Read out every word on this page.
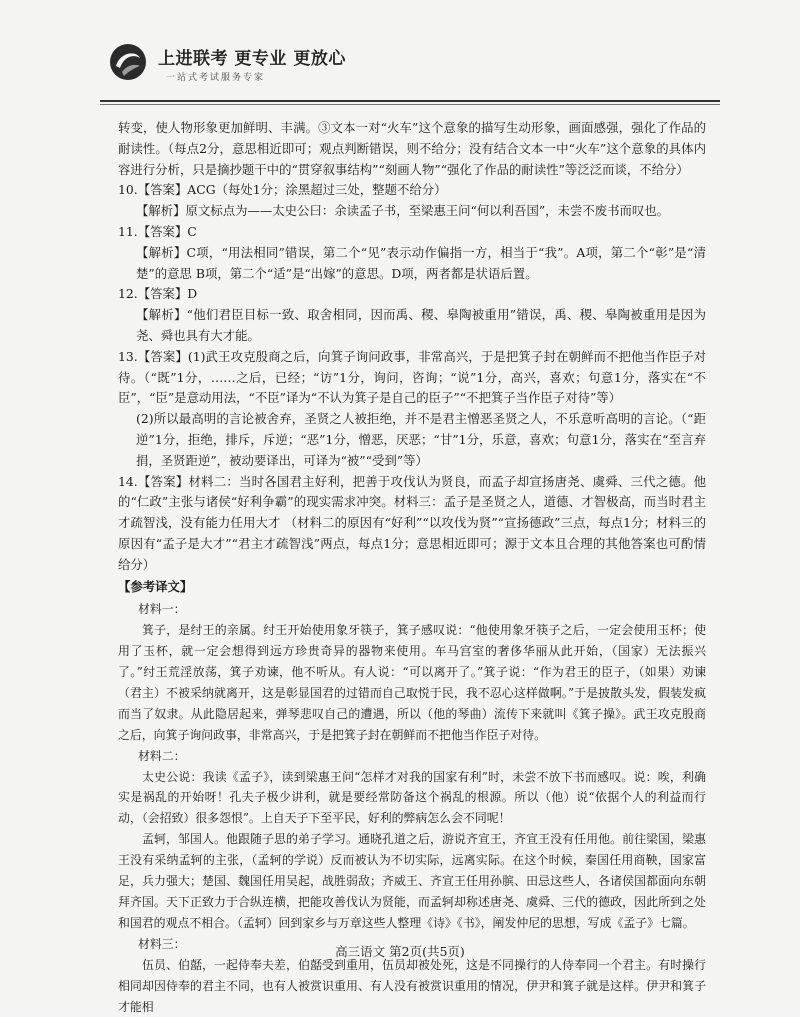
上进联考 更专业 更放心
一站式考试服务专家

转变，使人物形象更加鲜明、丰满。③文本一对“火车”这个意象的描写生动形象，画面感强，强化了作品的耐读性。（每点2分，意思相近即可；观点判断错误，则不给分；没有结合文本一中“火车”这个意象的具体内容进行分析，只是摘抄题干中的“贯穿叙事结构”“刻画人物”“强化了作品的耐读性”等泛泛而谈，不给分）

10.【答案】ACG（每处1分；涂黑超过三处，整题不给分）

【解析】原文标点为——太史公曰：余读孟子书，至梁惠王问“何以利吾国”，未尝不废书而叹也。

11.【答案】C

【解析】C项，“用法相同”错误，第二个“见”表示动作偏指一方，相当于“我”。A项，第二个“彰”是“清楚”的意思 B项，第二个“适”是“出嫁”的意思。D项，两者都是状语后置。

12.【答案】D

【解析】“他们君臣目标一致、取舍相同，因而禹、稷、皋陶被重用”错误，禹、稷、皋陶被重用是因为尧、舜也具有大才能。

13.【答案】(1)武王攻克殷商之后，向箕子询问政事，非常高兴，于是把箕子封在朝鲜而不把他当作臣子对待。（“既”1分，……之后，已经；“访”1分，询问，咨询；“说”1分，高兴，喜欢；句意1分，落实在“不臣”，“臣”是意动用法，“不臣”译为“不认为箕子是自己的臣子”“不把箕子当作臣子对待”等）

(2)所以最高明的言论被舍弃，圣贤之人被拒绝，并不是君主憎恶圣贤之人，不乐意听高明的言论。（“距逆”1分，拒绝，排斥，斥逆；“恶”1分，憎恶，厌恶；“甘”1分，乐意，喜欢；句意1分，落实在“至言弃捐，圣贤距逆”，被动要译出，可译为“被”“受到”等）

14.【答案】材料二：当时各国君主好利，把善于攻伐认为贤良，而孟子却宣扬唐尧、虞舜、三代之德。他的“仁政”主张与诸侯“好利争霸”的现实需求冲突。材料三：孟子是圣贤之人，道德、才智极高，而当时君主才疏智浅，没有能力任用大才 （材料二的原因有“好利”“以攻伐为贤”“宣扬德政”三点，每点1分；材料三的原因有“孟子是大才”“君主才疏智浅”两点，每点1分；意思相近即可；源于文本且合理的其他答案也可酌情给分）

【参考译文】

材料一：

箕子，是纣王的亲属。纣王开始使用象牙筷子，箕子感叹说：“他使用象牙筷子之后，一定会使用玉杯；使用了玉杯，就一定会想得到远方珍贵奇异的器物来使用。车马宫室的奢侈华丽从此开始，（国家）无法振兴了。”纣王荒淫放荡，箕子劝谏，他不听从。有人说：“可以离开了。”箕子说：“作为君王的臣子，（如果）劝谏（君主）不被采纳就离开，这是彰显国君的过错而自己取悦于民，我不忍心这样做啊。”于是披散头发，假装发疯而当了奴隶。从此隐居起来，弹琴悲叹自己的遭遇，所以（他的琴曲）流传下来就叫《箕子操》。武王攻克殷商之后，向箕子询问政事，非常高兴，于是把箕子封在朝鲜而不把他当作臣子对待。

材料二：

太史公说：我读《孟子》，读到梁惠王问“怎样才对我的国家有利”时，未尝不放下书而感叹。说：唉，利确实是祸乱的开始呀！孔夫子极少讲利，就是要经常防备这个祸乱的根源。所以（他）说“依据个人的利益而行动，（会招致）很多怨恨”。上自天子下至平民，好利的弊病怎么会不同呢！

孟轲，邹国人。他跟随子思的弟子学习。通晓孔道之后，游说齐宣王，齐宣王没有任用他。前往梁国，梁惠王没有采纳孟轲的主张，（孟轲的学说）反而被认为不切实际，远离实际。在这个时候，秦国任用商鞅，国家富足，兵力强大；楚国、魏国任用吴起，战胜弱敌；齐威王、齐宣王任用孙膑、田忌这些人，各诸侯国都面向东朝拜齐国。天下正致力于合纵连横，把能攻善伐认为贤能，而孟轲却称述唐尧、虞舜、三代的德政，因此所到之处和国君的观点不相合。（孟轲）回到家乡与万章这些人整理《诗》《书》，阐发仲尼的思想，写成《孟子》七篇。

材料三：

伍员、伯嚭，一起侍奉夫差，伯嚭受到重用，伍员却被处死，这是不同操行的人侍奉同一个君主。有时操行相同却因侍奉的君主不同，也有人被赏识重用、有人没有被赏识重用的情况，伊尹和箕子就是这样。伊尹和箕子才能相

高三语文 第2页(共5页)
